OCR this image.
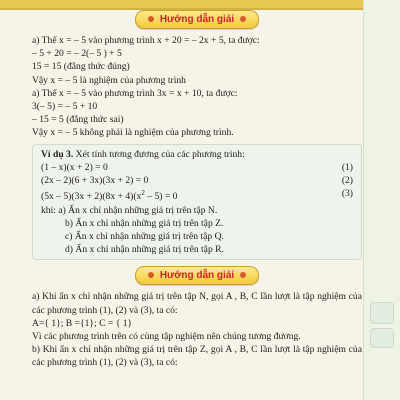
Hướng dẫn giải
a) Thế x = – 5 vào phương trình x + 20 = – 2x + 5, ta được:
– 5 + 20 = – 2(– 5 ) + 5
15 = 15 (đẳng thức đúng)
Vậy x = – 5 là nghiệm của phương trình
a) Thế x = – 5 vào phương trình 3x = x + 10, ta được:
3(– 5) = – 5 + 10
– 15 = 5 (đẳng thức sai)
Vậy x = – 5 không phải là nghiệm của phương trình.
Ví dụ 3. Xét tính tương đương của các phương trình:
(1 – x)(x + 2) = 0	(1)
(2x – 2)(6 + 3x)(3x + 2) = 0	(2)
$(5x - 5)(3x + 2)(8x + 4)(x^2 - 5) = 0$	(3)
khi: a) Ẩn x chỉ nhận những giá trị trên tập N.
b) Ẩn x chỉ nhận những giá trị trên tập Z.
c) Ẩn x chỉ nhận những giá trị trên tập Q.
d) Ẩn x chỉ nhận những giá trị trên tập R.
Hướng dẫn giải
a) Khi ẩn x chỉ nhận những giá trị trên tập N, gọi A , B, C lần lượt là tập nghiệm của các phương trình (1), (2) và (3), ta có:
A={ 1}; B ={1}; C = { 1}
Vì các phương trình trên có cùng tập nghiệm nên chúng tương đương.
b) Khi ẩn x chỉ nhận những giá trị trên tập Z, gọi A , B, C lần lượt là tập nghiệm của các phương trình (1), (2) và (3), ta có:
